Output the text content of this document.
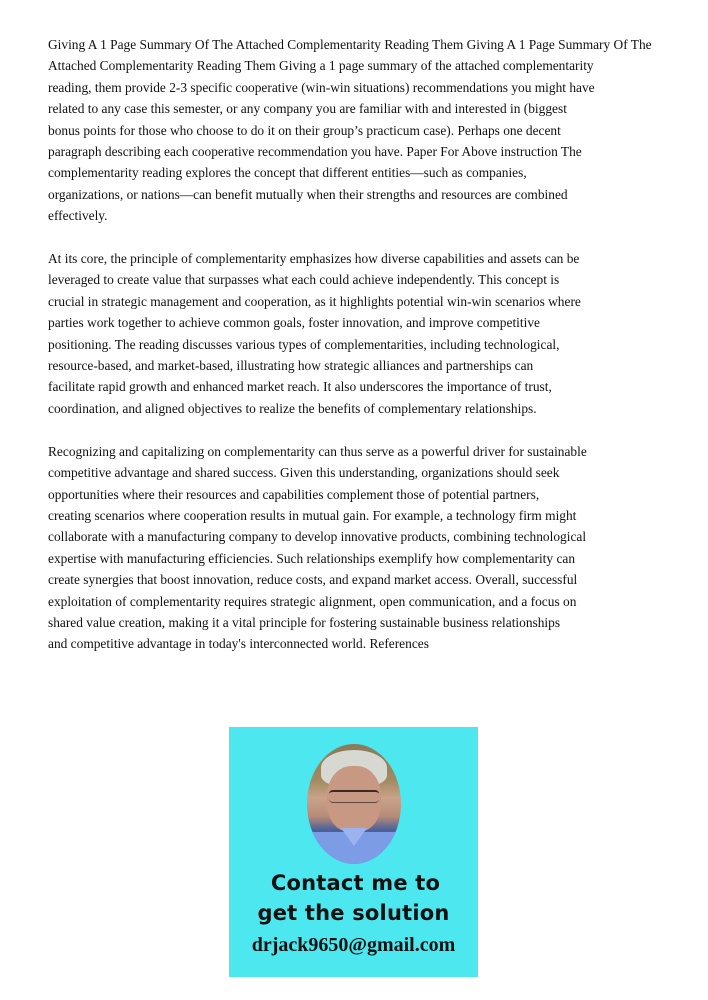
Giving A 1 Page Summary Of The Attached Complementarity Reading Them Giving A 1 Page Summary Of The
Attached Complementarity Reading Them Giving a 1 page summary of the attached complementarity
reading, them provide 2-3 specific cooperative (win-win situations) recommendations you might have
related to any case this semester, or any company you are familiar with and interested in (biggest
bonus points for those who choose to do it on their group’s practicum case). Perhaps one decent
paragraph describing each cooperative recommendation you have. Paper For Above instruction The
complementarity reading explores the concept that different entities—such as companies,
organizations, or nations—can benefit mutually when their strengths and resources are combined
effectively.

At its core, the principle of complementarity emphasizes how diverse capabilities and assets can be
leveraged to create value that surpasses what each could achieve independently. This concept is
crucial in strategic management and cooperation, as it highlights potential win-win scenarios where
parties work together to achieve common goals, foster innovation, and improve competitive
positioning. The reading discusses various types of complementarities, including technological,
resource-based, and market-based, illustrating how strategic alliances and partnerships can
facilitate rapid growth and enhanced market reach. It also underscores the importance of trust,
coordination, and aligned objectives to realize the benefits of complementary relationships.

Recognizing and capitalizing on complementarity can thus serve as a powerful driver for sustainable
competitive advantage and shared success. Given this understanding, organizations should seek
opportunities where their resources and capabilities complement those of potential partners,
creating scenarios where cooperation results in mutual gain. For example, a technology firm might
collaborate with a manufacturing company to develop innovative products, combining technological
expertise with manufacturing efficiencies. Such relationships exemplify how complementarity can
create synergies that boost innovation, reduce costs, and expand market access. Overall, successful
exploitation of complementarity requires strategic alignment, open communication, and a focus on
shared value creation, making it a vital principle for fostering sustainable business relationships
and competitive advantage in today's interconnected world. References

Contact me to
get the solution
drjack9650@gmail.com
